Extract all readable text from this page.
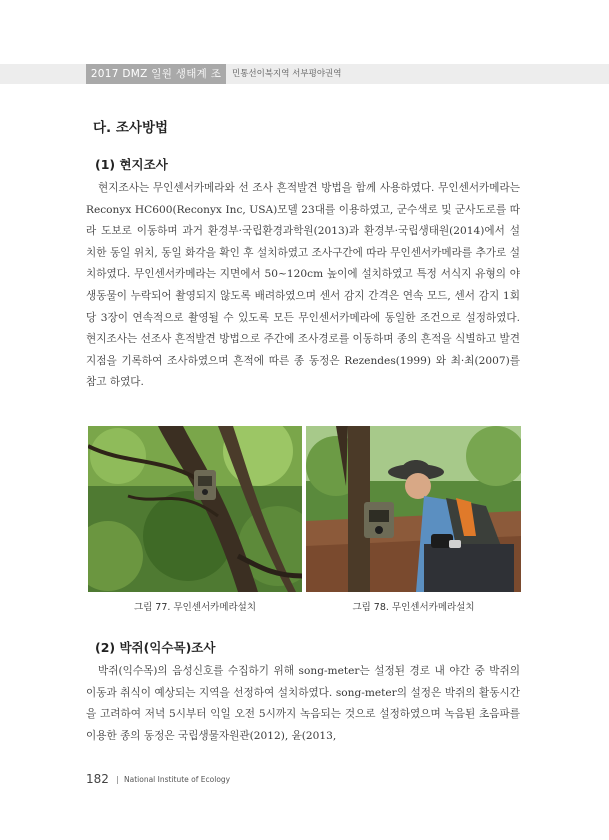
2017 DMZ 일원 생태계 조사
민통선이북지역 서부평야권역
다. 조사방법
(1) 현지조사

현지조사는 무인센서카메라와 선 조사 흔적발견 방법을 함께 사용하였다. 무인센서카메라는 Reconyx HC600(Reconyx Inc, USA)모델 23대를 이용하였고, 군수색로 및 군사도로를 따라 도보로 이동하며 과거 환경부·국립환경과학원(2013)과 환경부·국립생태원(2014)에서 설치한 동일 위치, 동일 화각을 확인 후 설치하였고 조사구간에 따라 무인센서카메라를 추가로 설치하였다. 무인센서카메라는 지면에서 50~120cm 높이에 설치하였고 특정 서식지 유형의 야생동물이 누락되어 촬영되지 않도록 배려하였으며 센서 감지 간격은 연속 모드, 센서 감지 1회당 3장이 연속적으로 촬영될 수 있도록 모든 무인센서카메라에 동일한 조건으로 설정하였다. 현지조사는 선조사 흔적발견 방법으로 주간에 조사경로를 이동하며 종의 흔적을 식별하고 발견지점을 기록하여 조사하였으며 흔적에 따른 종 동정은 Rezendes(1999) 와 최·최(2007)를 참고 하였다.

그림 77. 무인센서카메라설치	그림 78. 무인센서카메라설치
(2) 박쥐(익수목)조사

박쥐(익수목)의 음성신호를 수집하기 위해 song-meter는 설정된 경로 내 야간 중 박쥐의 이동과 취식이 예상되는 지역을 선정하여 설치하였다. song-meter의 설정은 박쥐의 활동시간을 고려하여 저녁 5시부터 익일 오전 5시까지 녹음되는 것으로 설정하였으며 녹음된 초음파를 이용한 종의 동정은 국립생물자원관(2012), 윤(2013,

182 | National Institute of Ecology
